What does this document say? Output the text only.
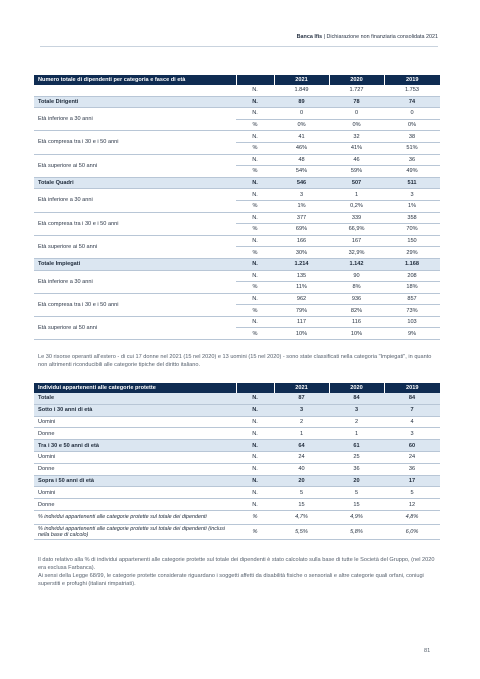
Banca Ifis | Dichiarazione non finanziaria consolidata 2021
Numero totale di dipendenti per categoria e fasce di età		2021	2020	2019
	N.	1.849	1.727	1.753
Totale Dirigenti	N.	89	78	74
Età inferiore a 30 anni	N.	0	0	0
	%	0%	0%	0%
Età compresa tra i 30 e i 50 anni	N.	41	32	38
	%	46%	41%	51%
Età superiore ai 50 anni	N.	48	46	36
	%	54%	59%	49%
Totale Quadri	N.	546	507	511
Età inferiore a 30 anni	N.	3	1	3
	%	1%	0,2%	1%
Età compresa tra i 30 e i 50 anni	N.	377	339	358
	%	69%	66,9%	70%
Età superiore ai 50 anni	N.	166	167	150
	%	30%	32,9%	29%
Totale Impiegati	N.	1.214	1.142	1.168
Età inferiore a 30 anni	N.	135	90	208
	%	11%	8%	18%
Età compresa tra i 30 e i 50 anni	N.	962	936	857
	%	79%	82%	73%
Età superiore ai 50 anni	N.	117	116	103
	%	10%	10%	9%
Le 30 risorse operanti all'estero - di cui 17 donne nel 2021 (15 nel 2020) e 13 uomini (15 nel 2020) - sono state classificati nella categoria "Impiegati", in quanto non altrimenti riconducibili alle categorie tipiche del diritto italiano.
Individui appartenenti alle categorie protette		2021	2020	2019
Totale	N.	87	84	84
Sotto i 30 anni di età	N.	3	3	7
Uomini	N.	2	2	4
Donne	N.	1	1	3
Tra i 30 e 50 anni di età	N.	64	61	60
Uomini	N.	24	25	24
Donne	N.	40	36	36
Sopra i 50 anni di età	N.	20	20	17
Uomini	N.	5	5	5
Donne	N.	15	15	12
% individui appartenenti alle categorie protette sul totale dei dipendenti	%	4,7%	4,9%	4,8%
% individui appartenenti alle categorie protette sul totale dei dipendenti (inclusi nella base di calcolo)	%	5,5%	5,8%	6,0%

Il dato relativo alla % di individui appartenenti alle categorie protette sul totale dei dipendenti è stato calcolato sulla base di tutte le Società del Gruppo, (nel 2020 era esclusa Farbanca).

Ai sensi della Legge 68/99, le categorie protette considerate riguardano i soggetti affetti da disabilità fisiche o sensoriali e altre categorie quali orfani, coniugi superstiti e profughi (italiani rimpatriati).

81
